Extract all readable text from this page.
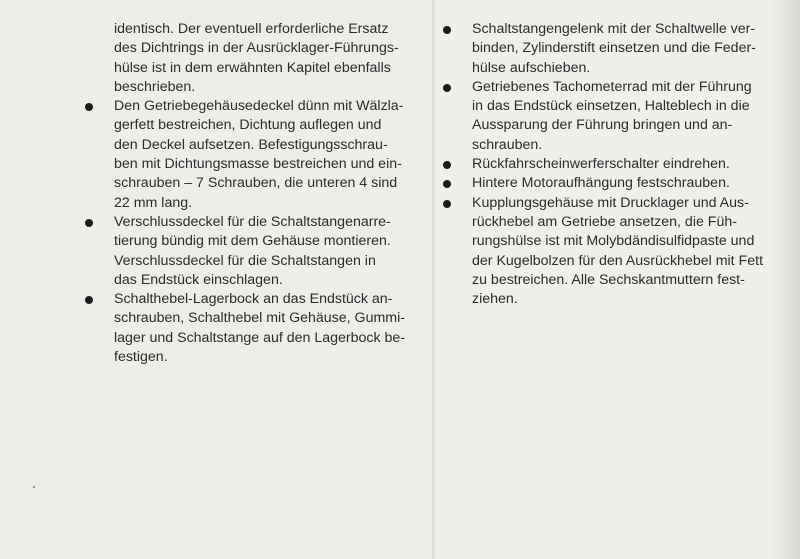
identisch. Der eventuell erforderliche Ersatz
des Dichtrings in der Ausrücklager-Führungs-
hülse ist in dem erwähnten Kapitel ebenfalls
beschrieben.

Den Getriebegehäusedeckel dünn mit Wälzla-
gerfett bestreichen, Dichtung auflegen und
den Deckel aufsetzen. Befestigungsschrau-
ben mit Dichtungsmasse bestreichen und ein-
schrauben – 7 Schrauben, die unteren 4 sind
22 mm lang.
Verschlussdeckel für die Schaltstangenarre-
tierung bündig mit dem Gehäuse montieren.
Verschlussdeckel für die Schaltstangen in
das Endstück einschlagen.
Schalthebel-Lagerbock an das Endstück an-
schrauben, Schalthebel mit Gehäuse, Gummi-
lager und Schaltstange auf den Lagerbock be-
festigen.
Schaltstangengelenk mit der Schaltwelle ver-
binden, Zylinderstift einsetzen und die Feder-
hülse aufschieben.
Getriebenes Tachometerrad mit der Führung
in das Endstück einsetzen, Halteblech in die
Aussparung der Führung bringen und an-
schrauben.
Rückfahrscheinwerferschalter eindrehen.
Hintere Motoraufhängung festschrauben.
Kupplungsgehäuse mit Drucklager und Aus-
rückhebel am Getriebe ansetzen, die Füh-
rungshülse ist mit Molybdändisulfidpaste und
der Kugelbolzen für den Ausrückhebel mit Fett
zu bestreichen. Alle Sechskantmuttern fest-
ziehen.
